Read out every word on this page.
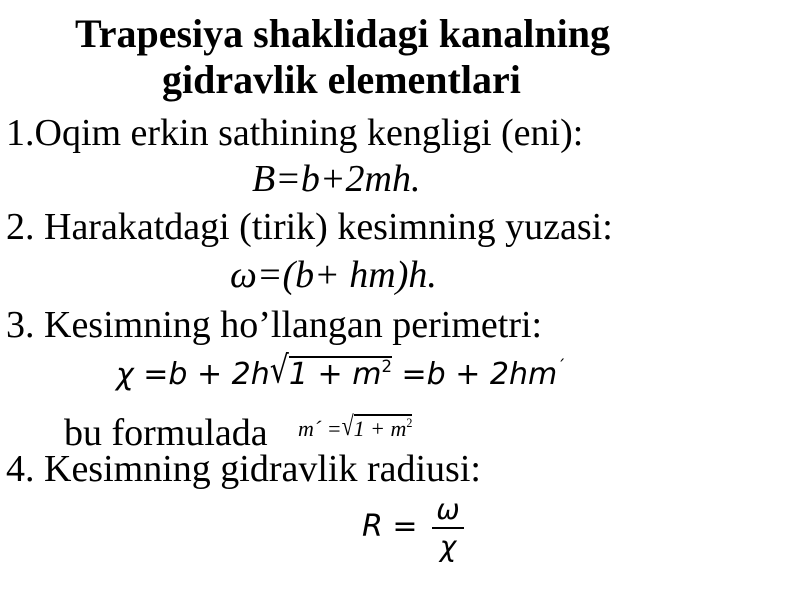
Trapesiya shaklidagi kanalning
gidravlik elementlari
1.Oqim erkin sathining kengligi (eni):
B=b+2mh.
2. Harakatdagi (tirik) kesimning yuzasi:
ω=(b+ hm)h.
3. Kesimning ho’llangan perimetri:
$\chi =b + 2h√1 + m^2 =b + 2hm^´$
bu formulada m´ $=√1 + m^2$
4. Kesimning gidravlik radiusi:
R = ω
χ
